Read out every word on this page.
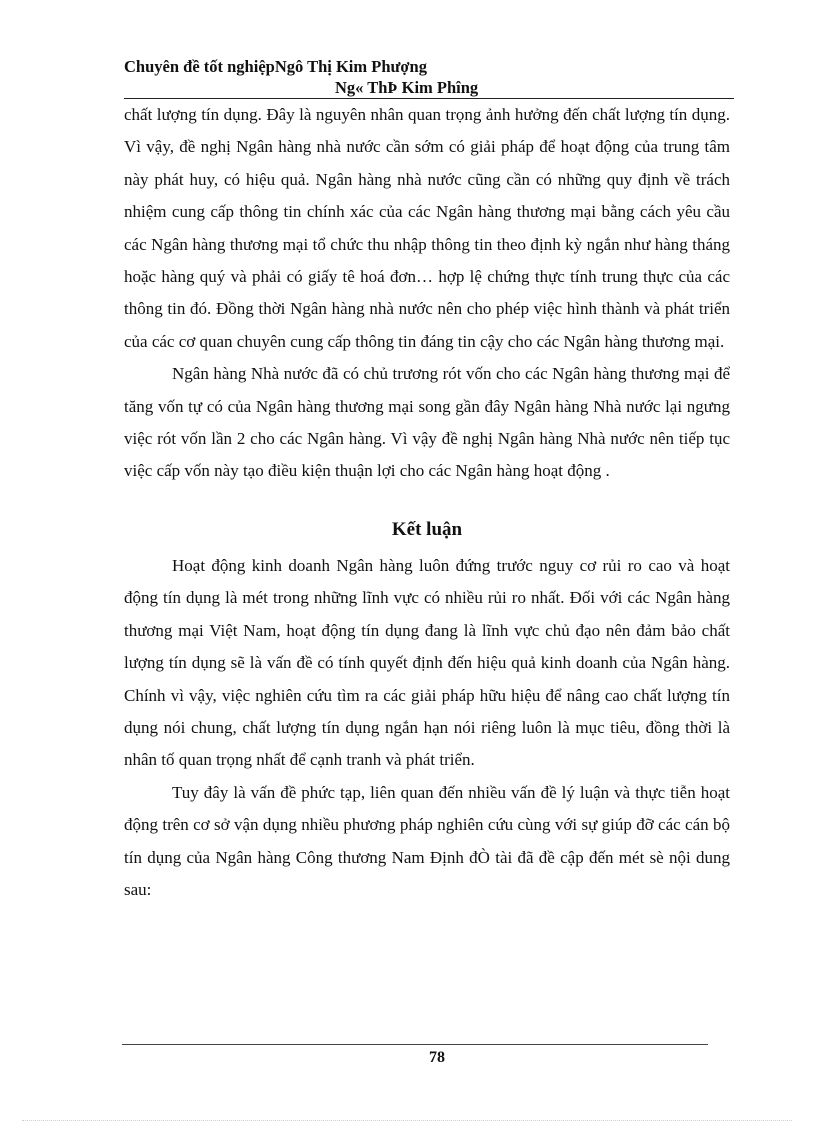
Chuyên đề tốt nghiệpNgô Thị Kim Phượng
Ng« ThÞ Kim Phîng

chất lượng tín dụng. Đây là nguyên nhân quan trọng ảnh hưởng đến chất lượng tín dụng. Vì vậy, đề nghị Ngân hàng nhà nước cần sớm có giải pháp để hoạt động của trung tâm này phát huy, có hiệu quả. Ngân hàng nhà nước cũng cần có những quy định về trách nhiệm cung cấp thông tin chính xác của các Ngân hàng thương mại bằng cách yêu cầu các Ngân hàng thương mại tổ chức thu nhập thông tin theo định kỳ ngắn như hàng tháng hoặc hàng quý và phải có giấy tê hoá đơn… hợp lệ chứng thực tính trung thực của các thông tin đó. Đồng thời Ngân hàng nhà nước nên cho phép việc hình thành và phát triển của các cơ quan chuyên cung cấp thông tin đáng tin cậy cho các Ngân hàng thương mại.

Ngân hàng Nhà nước đã có chủ trương rót vốn cho các Ngân hàng thương mại để tăng vốn tự có của Ngân hàng thương mại song gần đây Ngân hàng Nhà nước lại ngưng việc rót vốn lần 2 cho các Ngân hàng. Vì vậy đề nghị Ngân hàng Nhà nước nên tiếp tục việc cấp vốn này tạo điều kiện thuận lợi cho các Ngân hàng hoạt động .

Kết luận

Hoạt động kinh doanh Ngân hàng luôn đứng trước nguy cơ rủi ro cao và hoạt động tín dụng là mét trong những lĩnh vực có nhiều rủi ro nhất. Đối với các Ngân hàng thương mại Việt Nam, hoạt động tín dụng đang là lĩnh vực chủ đạo nên đảm bảo chất lượng tín dụng sẽ là vấn đề có tính quyết định đến hiệu quả kinh doanh của Ngân hàng. Chính vì vậy, việc nghiên cứu tìm ra các giải pháp hữu hiệu để nâng cao chất lượng tín dụng nói chung, chất lượng tín dụng ngắn hạn nói riêng luôn là mục tiêu, đồng thời là nhân tố quan trọng nhất để cạnh tranh và phát triển.

Tuy đây là vấn đề phức tạp, liên quan đến nhiều vấn đề lý luận và thực tiễn hoạt động trên cơ sở vận dụng nhiều phương pháp nghiên cứu cùng với sự giúp đỡ các cán bộ tín dụng của Ngân hàng Công thương Nam Định đÒ tài đã đề cập đến mét sè nội dung sau:

78
